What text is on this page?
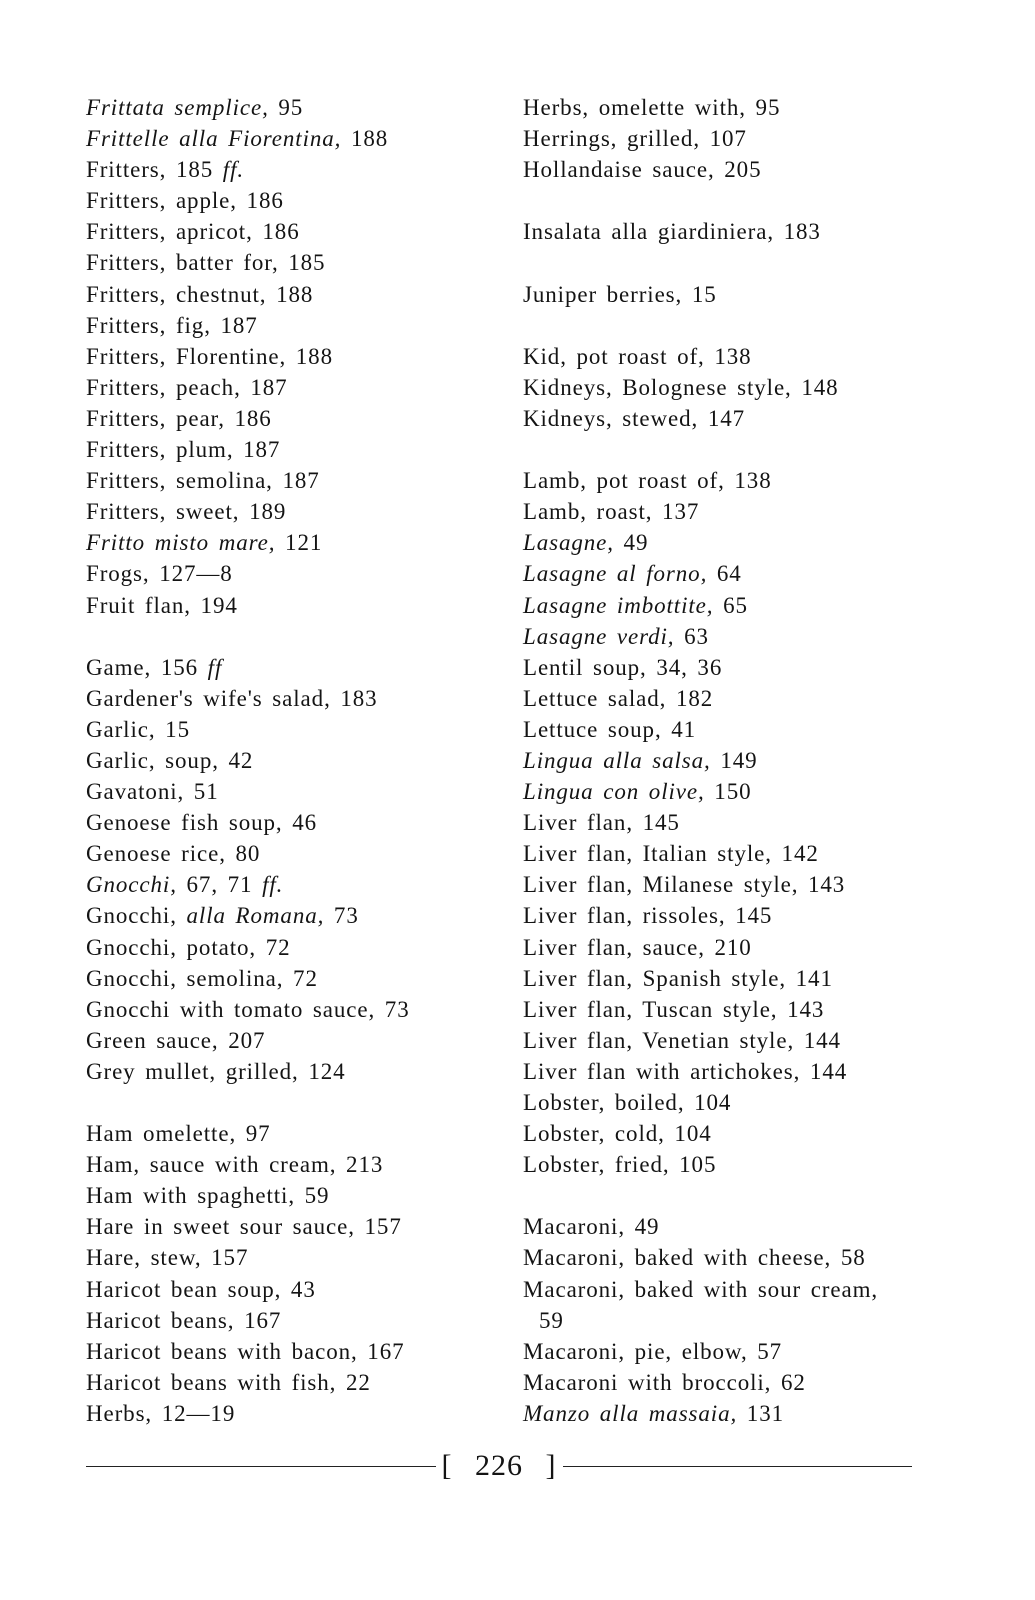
Frittata semplice, 95
Frittelle alla Fiorentina, 188
Fritters, 185 ff.
Fritters, apple, 186
Fritters, apricot, 186
Fritters, batter for, 185
Fritters, chestnut, 188
Fritters, fig, 187
Fritters, Florentine, 188
Fritters, peach, 187
Fritters, pear, 186
Fritters, plum, 187
Fritters, semolina, 187
Fritters, sweet, 189
Fritto misto mare, 121
Frogs, 127—8
Fruit flan, 194
Game, 156 ff
Gardener's wife's salad, 183
Garlic, 15
Garlic, soup, 42
Gavatoni, 51
Genoese fish soup, 46
Genoese rice, 80
Gnocchi, 67, 71 ff.
Gnocchi, alla Romana, 73
Gnocchi, potato, 72
Gnocchi, semolina, 72
Gnocchi with tomato sauce, 73
Green sauce, 207
Grey mullet, grilled, 124
Ham omelette, 97
Ham, sauce with cream, 213
Ham with spaghetti, 59
Hare in sweet sour sauce, 157
Hare, stew, 157
Haricot bean soup, 43
Haricot beans, 167
Haricot beans with bacon, 167
Haricot beans with fish, 22
Herbs, 12—19
Herbs, omelette with, 95
Herrings, grilled, 107
Hollandaise sauce, 205
Insalata alla giardiniera, 183
Juniper berries, 15
Kid, pot roast of, 138
Kidneys, Bolognese style, 148
Kidneys, stewed, 147
Lamb, pot roast of, 138
Lamb, roast, 137
Lasagne, 49
Lasagne al forno, 64
Lasagne imbottite, 65
Lasagne verdi, 63
Lentil soup, 34, 36
Lettuce salad, 182
Lettuce soup, 41
Lingua alla salsa, 149
Lingua con olive, 150
Liver flan, 145
Liver flan, Italian style, 142
Liver flan, Milanese style, 143
Liver flan, rissoles, 145
Liver flan, sauce, 210
Liver flan, Spanish style, 141
Liver flan, Tuscan style, 143
Liver flan, Venetian style, 144
Liver flan with artichokes, 144
Lobster, boiled, 104
Lobster, cold, 104
Lobster, fried, 105
Macaroni, 49
Macaroni, baked with cheese, 58
Macaroni, baked with sour cream,
59
Macaroni, pie, elbow, 57
Macaroni with broccoli, 62
Manzo alla massaia, 131
[ 226 ]
